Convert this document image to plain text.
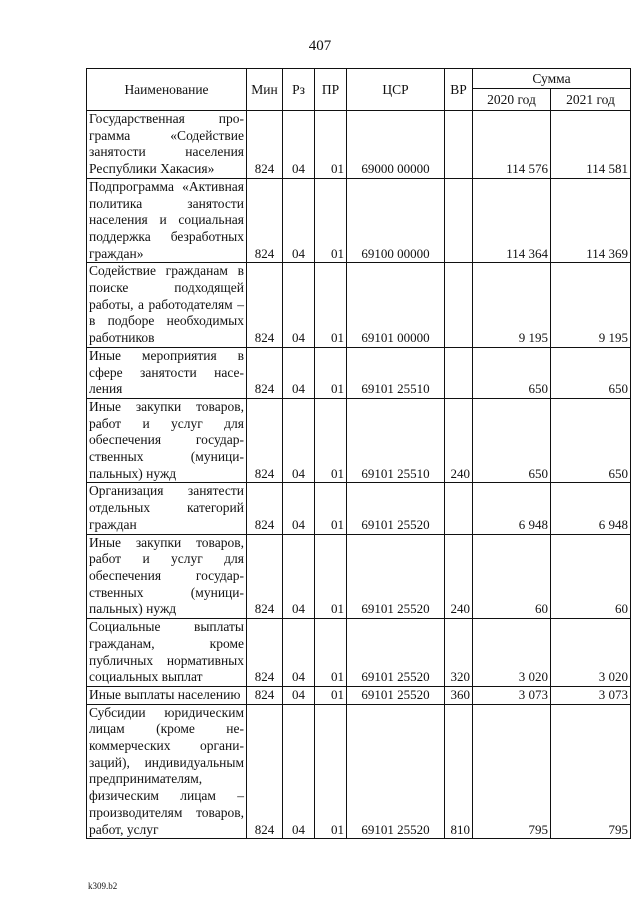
407
Наименование	Мин	Рз	ПР	ЦСР	ВР	Сумма	
						2020 год	2021 год
Государственная программа «Содействие занятости населения Республики Хакасия»	824	04	01	69000 00000		114 576	114 581
Подпрограмма «Активная политика занятости населения и социальная поддержка безработных граждан»	824	04	01	69100 00000		114 364	114 369
Содействие гражданам в поиске подходящей работы, а работодателям – в подборе необходимых работников	824	04	01	69101 00000		9 195	9 195
Иные мероприятия в сфере занятости населения	824	04	01	69101 25510		650	650
Иные закупки товаров, работ и услуг для обеспечения государственных (муниципальных) нужд	824	04	01	69101 25510	240	650	650
Организация занятести отдельных категорий граждан	824	04	01	69101 25520		6 948	6 948
Иные закупки товаров, работ и услуг для обеспечения государственных (муниципальных) нужд	824	04	01	69101 25520	240	60	60
Социальные выплаты гражданам, кроме публичных нормативных социальных выплат	824	04	01	69101 25520	320	3 020	3 020
Иные выплаты населению	824	04	01	69101 25520	360	3 073	3 073
Субсидии юридическим лицам (кроме некоммерческих организаций), индивидуальным предпринимателям, физическим лицам – производителям товаров, работ, услуг	824	04	01	69101 25520	810	795	795
k309.b2
